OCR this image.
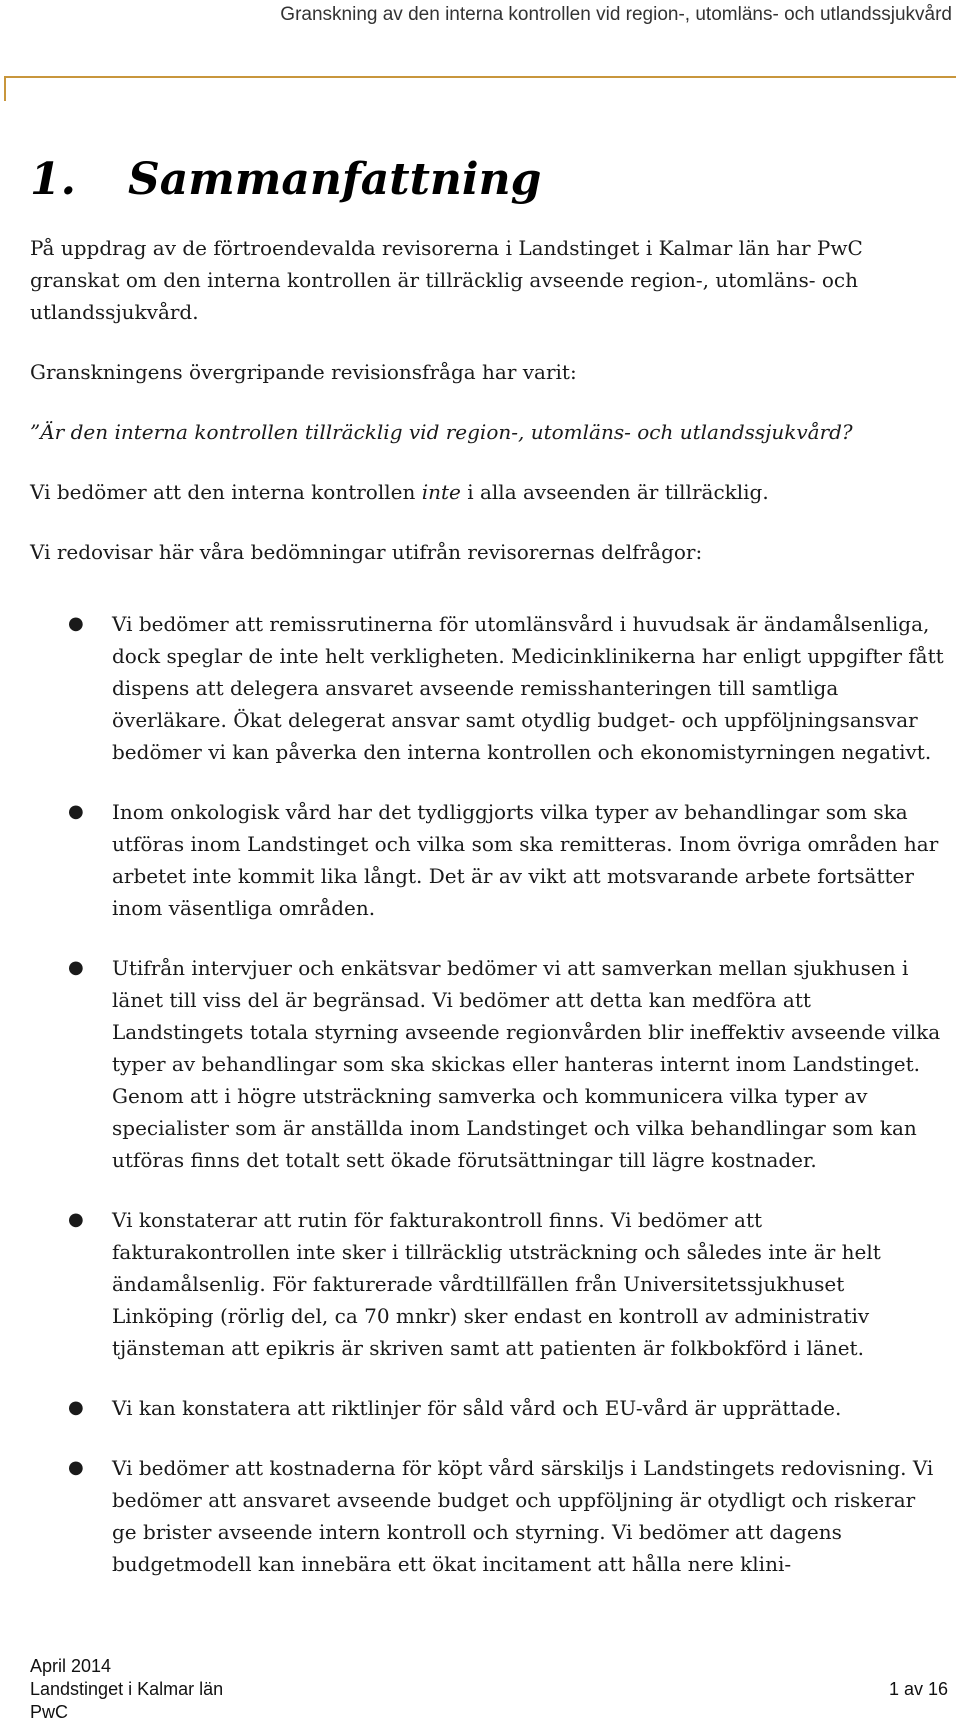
Granskning av den interna kontrollen vid region-, utomläns- och utlandssjukvård
1. Sammanfattning

På uppdrag av de förtroendevalda revisorerna i Landstinget i Kalmar län har PwC granskat om den interna kontrollen är tillräcklig avseende region-, utomläns- och utlandssjukvård.

Granskningens övergripande revisionsfråga har varit:

”Är den interna kontrollen tillräcklig vid region-, utomläns- och utlandssjukvård?

Vi bedömer att den interna kontrollen inte i alla avseenden är tillräcklig.

Vi redovisar här våra bedömningar utifrån revisorernas delfrågor:

● Vi bedömer att remissrutinerna för utomlänsvård i huvudsak är ändamålsenliga, dock speglar de inte helt verkligheten. Medicinklinikerna har enligt uppgifter fått dispens att delegera ansvaret avseende remisshanteringen till samtliga överläkare. Ökat delegerat ansvar samt otydlig budget- och uppföljningsansvar bedömer vi kan påverka den interna kontrollen och ekonomistyrningen negativt.
● Inom onkologisk vård har det tydliggjorts vilka typer av behandlingar som ska utföras inom Landstinget och vilka som ska remitteras. Inom övriga områden har arbetet inte kommit lika långt. Det är av vikt att motsvarande arbete fortsätter inom väsentliga områden.
● Utifrån intervjuer och enkätsvar bedömer vi att samverkan mellan sjukhusen i länet till viss del är begränsad. Vi bedömer att detta kan medföra att Landstingets totala styrning avseende regionvården blir ineffektiv avseende vilka typer av behandlingar som ska skickas eller hanteras internt inom Landstinget. Genom att i högre utsträckning samverka och kommunicera vilka typer av specialister som är anställda inom Landstinget och vilka behandlingar som kan utföras finns det totalt sett ökade förutsättningar till lägre kostnader.
● Vi konstaterar att rutin för fakturakontroll finns. Vi bedömer att fakturakontrollen inte sker i tillräcklig utsträckning och således inte är helt ändamålsenlig. För fakturerade vårdtillfällen från Universitetssjukhuset Linköping (rörlig del, ca 70 mnkr) sker endast en kontroll av administrativ tjänsteman att epikris är skriven samt att patienten är folkbokförd i länet.
● Vi kan konstatera att riktlinjer för såld vård och EU-vård är upprättade.
● Vi bedömer att kostnaderna för köpt vård särskiljs i Landstingets redovisning. Vi bedömer att ansvaret avseende budget och uppföljning är otydligt och riskerar ge brister avseende intern kontroll och styrning. Vi bedömer att dagens budgetmodell kan innebära ett ökat incitament att hålla nere klini-
April 2014
Landstinget i Kalmar län
PwC
1 av 16
